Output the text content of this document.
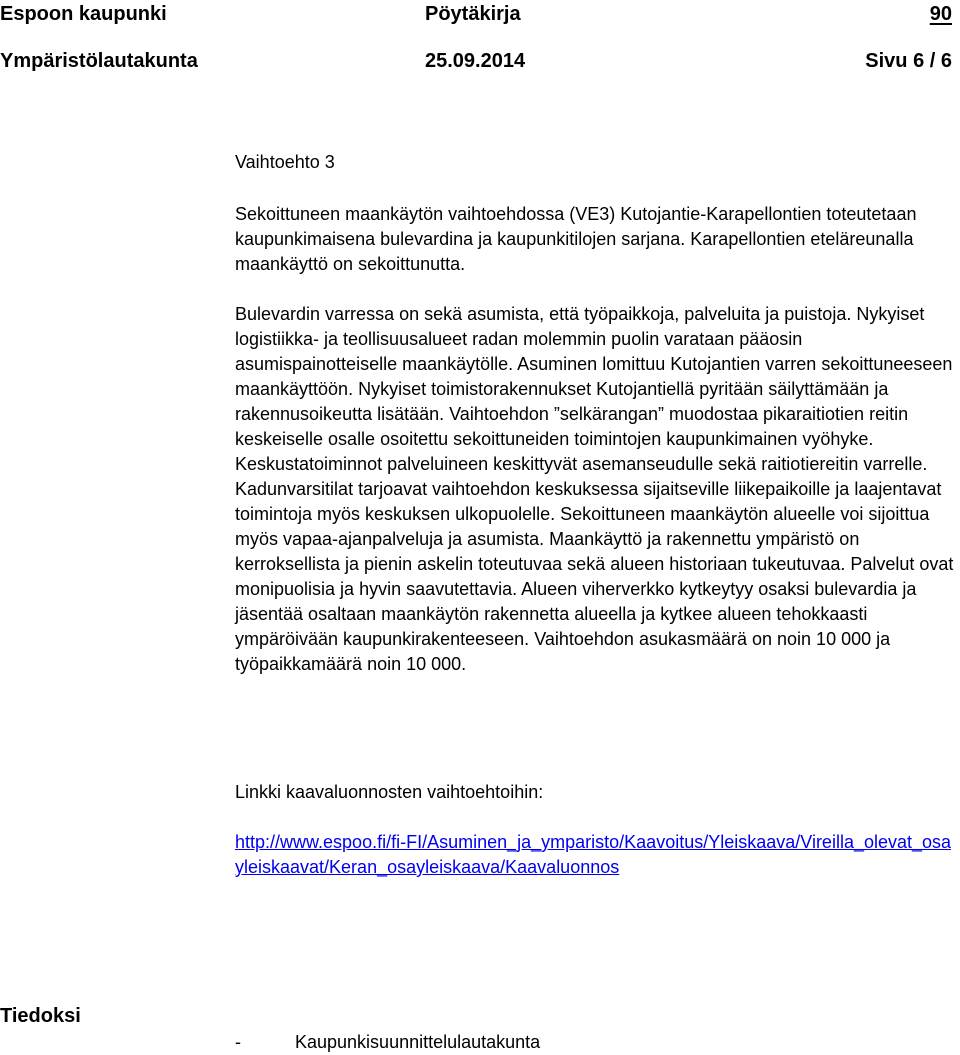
Espoon kaupunki	Pöytäkirja	90
Ympäristölautakunta	25.09.2014	Sivu 6 / 6
Vaihtoehto 3
Sekoittuneen maankäytön vaihtoehdossa (VE3) Kutojantie-Karapellontien toteutetaan kaupunkimaisena bulevardina ja kaupunkitilojen sarjana. Karapellontien eteläreunalla maankäyttö on sekoittunutta.
Bulevardin varressa on sekä asumista, että työpaikkoja, palveluita ja puistoja. Nykyiset logistiikka- ja teollisuusalueet radan molemmin puolin varataan pääosin asumispainotteiselle maankäytölle. Asuminen lomittuu Kutojantien varren sekoittuneeseen maankäyttöön. Nykyiset toimistorakennukset Kutojantiellä pyritään säilyttämään ja rakennusoikeutta lisätään. Vaihtoehdon ”selkärangan” muodostaa pikaraitiotien reitin keskeiselle osalle osoitettu sekoittuneiden toimintojen kaupunkimainen vyöhyke. Keskustatoiminnot palveluineen keskittyvät asemanseudulle sekä raitiotiereitin varrelle. Kadunvarsitilat tarjoavat vaihtoehdon keskuksessa sijaitseville liikepaikoille ja laajentavat toimintoja myös keskuksen ulkopuolelle. Sekoittuneen maankäytön alueelle voi sijoittua myös vapaa-ajanpalveluja ja asumista. Maankäyttö ja rakennettu ympäristö on kerroksellista ja pienin askelin toteutuvaa sekä alueen historiaan tukeutuvaa. Palvelut ovat monipuolisia ja hyvin saavutettavia. Alueen viherverkko kytkeytyy osaksi bulevardia ja jäsentää osaltaan maankäytön rakennetta alueella ja kytkee alueen tehokkaasti ympäröivään kaupunkirakenteeseen. Vaihtoehdon asukasmäärä on noin 10 000 ja työpaikkamäärä noin 10 000.
Linkki kaavaluonnosten vaihtoehtoihin:
http://www.espoo.fi/fi-FI/Asuminen_ja_ymparisto/Kaavoitus/Yleiskaava/Vireilla_olevat_osayleiskaavat/Keran_osayleiskaava/Kaavaluonnos
Tiedoksi
-	Kaupunkisuunnittelulautakunta
